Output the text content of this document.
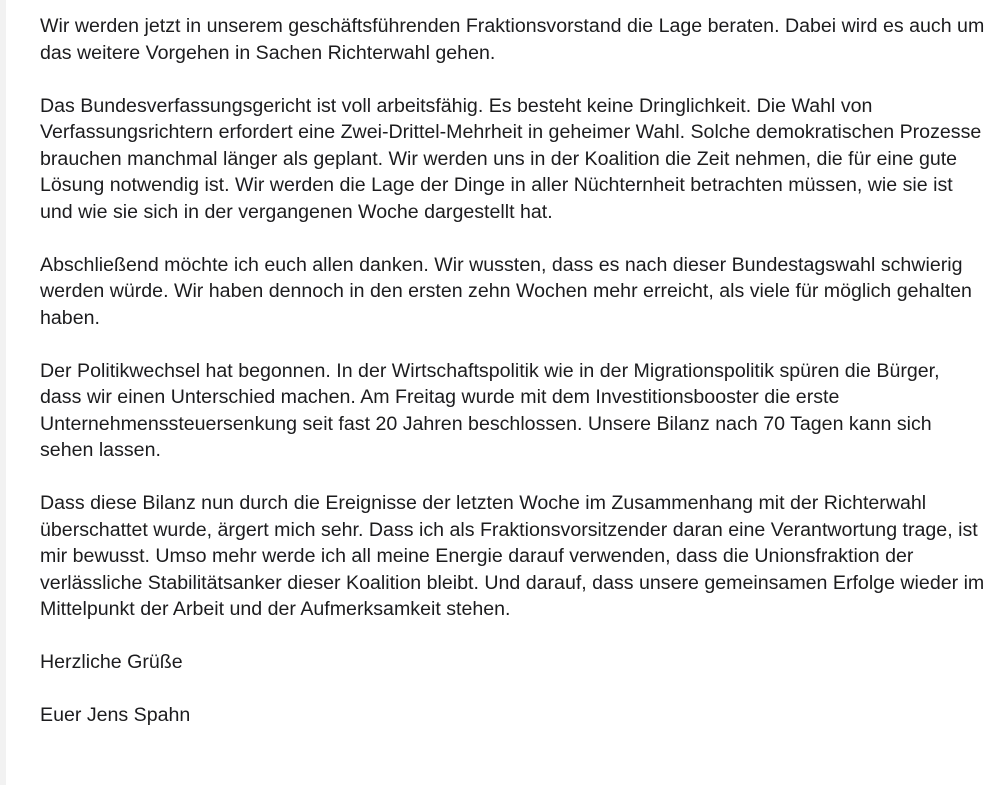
Wir werden jetzt in unserem geschäftsführenden Fraktionsvorstand die Lage beraten. Dabei wird es auch um das weitere Vorgehen in Sachen Richterwahl gehen.

Das Bundesverfassungsgericht ist voll arbeitsfähig. Es besteht keine Dringlichkeit. Die Wahl von Verfassungsrichtern erfordert eine Zwei-Drittel-Mehrheit in geheimer Wahl. Solche demokratischen Prozesse brauchen manchmal länger als geplant. Wir werden uns in der Koalition die Zeit nehmen, die für eine gute Lösung notwendig ist. Wir werden die Lage der Dinge in aller Nüchternheit betrachten müssen, wie sie ist und wie sie sich in der vergangenen Woche dargestellt hat.

Abschließend möchte ich euch allen danken. Wir wussten, dass es nach dieser Bundestagswahl schwierig werden würde. Wir haben dennoch in den ersten zehn Wochen mehr erreicht, als viele für möglich gehalten haben.

Der Politikwechsel hat begonnen. In der Wirtschaftspolitik wie in der Migrationspolitik spüren die Bürger, dass wir einen Unterschied machen. Am Freitag wurde mit dem Investitionsbooster die erste Unternehmenssteuersenkung seit fast 20 Jahren beschlossen. Unsere Bilanz nach 70 Tagen kann sich sehen lassen.

Dass diese Bilanz nun durch die Ereignisse der letzten Woche im Zusammenhang mit der Richterwahl überschattet wurde, ärgert mich sehr. Dass ich als Fraktionsvorsitzender daran eine Verantwortung trage, ist mir bewusst. Umso mehr werde ich all meine Energie darauf verwenden, dass die Unionsfraktion der verlässliche Stabilitätsanker dieser Koalition bleibt. Und darauf, dass unsere gemeinsamen Erfolge wieder im Mittelpunkt der Arbeit und der Aufmerksamkeit stehen.

Herzliche Grüße

Euer Jens Spahn
